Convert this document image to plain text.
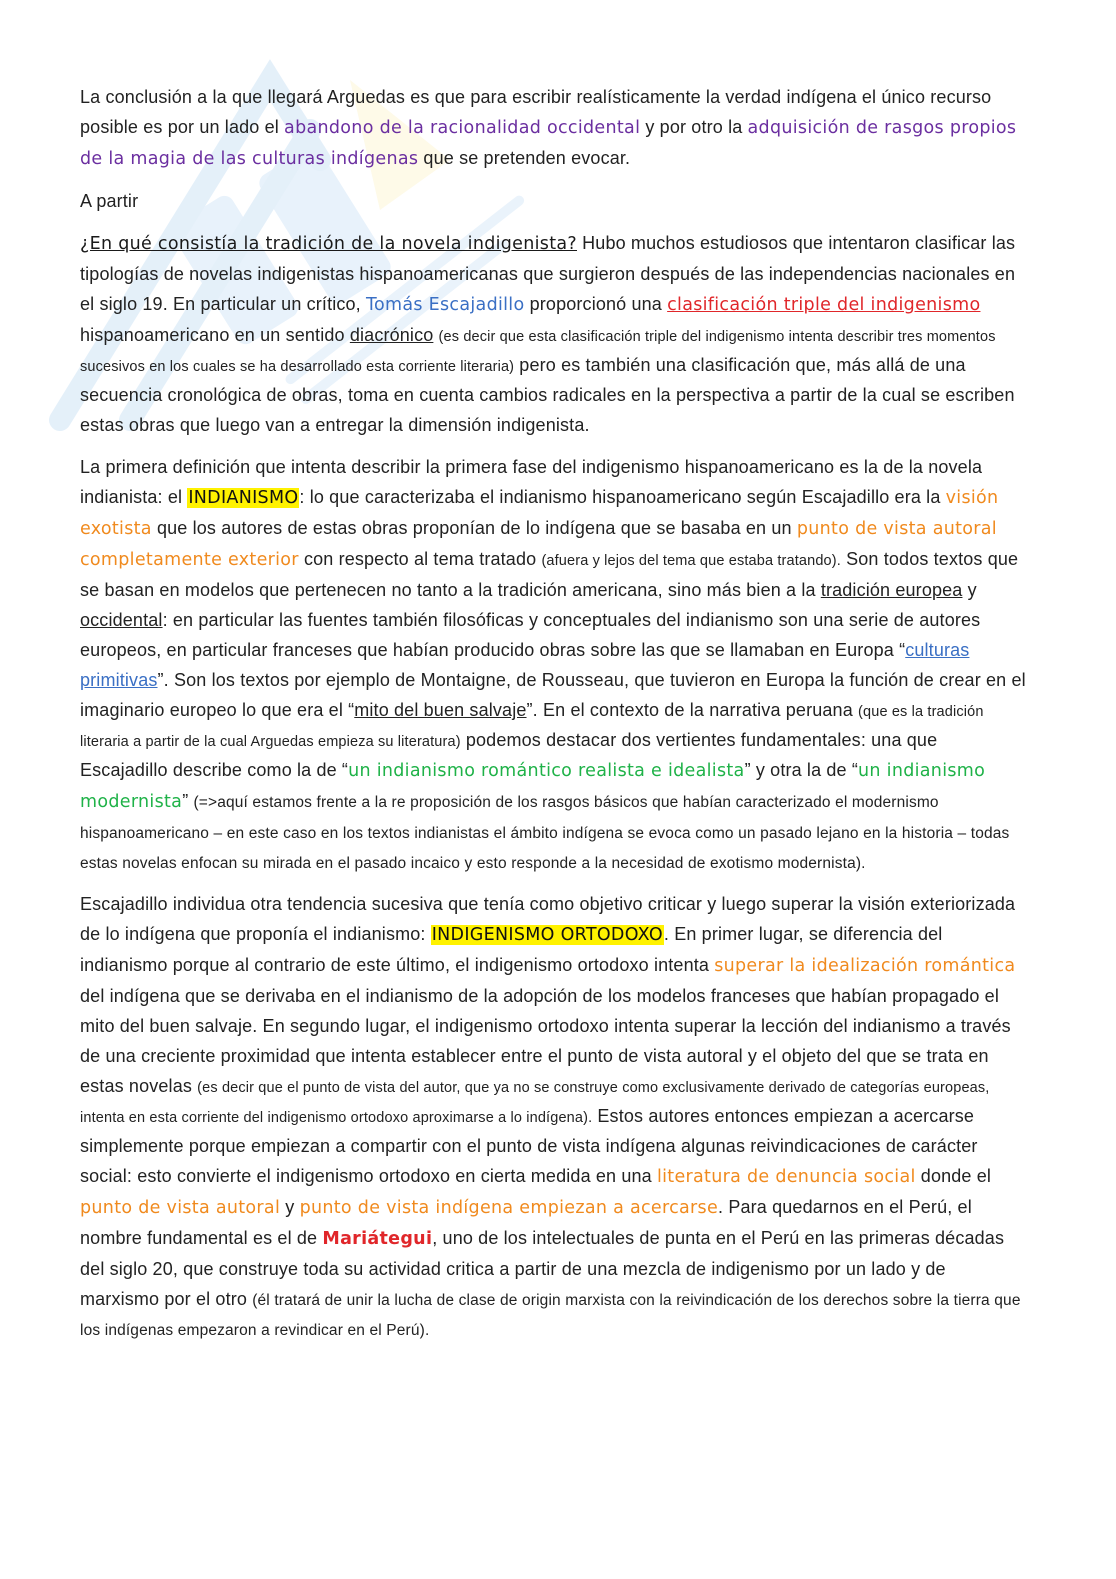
La conclusión a la que llegará Arguedas es que para escribir realísticamente la verdad indígena el único recurso posible es por un lado el abandono de la racionalidad occidental y por otro la adquisición de rasgos propios de la magia de las culturas indígenas que se pretenden evocar.

A partir

¿En qué consistía la tradición de la novela indigenista? Hubo muchos estudiosos que intentaron clasificar las tipologías de novelas indigenistas hispanoamericanas que surgieron después de las independencias nacionales en el siglo 19. En particular un crítico, Tomás Escajadillo proporcionó una clasificación triple del indigenismo hispanoamericano en un sentido diacrónico (es decir que esta clasificación triple del indigenismo intenta describir tres momentos sucesivos en los cuales se ha desarrollado esta corriente literaria) pero es también una clasificación que, más allá de una secuencia cronológica de obras, toma en cuenta cambios radicales en la perspectiva a partir de la cual se escriben estas obras que luego van a entregar la dimensión indigenista.

La primera definición que intenta describir la primera fase del indigenismo hispanoamericano es la de la novela indianista: el INDIANISMO: lo que caracterizaba el indianismo hispanoamericano según Escajadillo era la visión exotista que los autores de estas obras proponían de lo indígena que se basaba en un punto de vista autoral completamente exterior con respecto al tema tratado (afuera y lejos del tema que estaba tratando). Son todos textos que se basan en modelos que pertenecen no tanto a la tradición americana, sino más bien a la tradición europea y occidental: en particular las fuentes también filosóficas y conceptuales del indianismo son una serie de autores europeos, en particular franceses que habían producido obras sobre las que se llamaban en Europa “culturas primitivas”. Son los textos por ejemplo de Montaigne, de Rousseau, que tuvieron en Europa la función de crear en el imaginario europeo lo que era el “mito del buen salvaje”. En el contexto de la narrativa peruana (que es la tradición literaria a partir de la cual Arguedas empieza su literatura) podemos destacar dos vertientes fundamentales: una que Escajadillo describe como la de “un indianismo romántico realista e idealista” y otra la de “un indianismo modernista” (=>aquí estamos frente a la re proposición de los rasgos básicos que habían caracterizado el modernismo hispanoamericano – en este caso en los textos indianistas el ámbito indígena se evoca como un pasado lejano en la historia – todas estas novelas enfocan su mirada en el pasado incaico y esto responde a la necesidad de exotismo modernista).

Escajadillo individua otra tendencia sucesiva que tenía como objetivo criticar y luego superar la visión exteriorizada de lo indígena que proponía el indianismo: INDIGENISMO ORTODOXO. En primer lugar, se diferencia del indianismo porque al contrario de este último, el indigenismo ortodoxo intenta superar la idealización romántica del indígena que se derivaba en el indianismo de la adopción de los modelos franceses que habían propagado el mito del buen salvaje. En segundo lugar, el indigenismo ortodoxo intenta superar la lección del indianismo a través de una creciente proximidad que intenta establecer entre el punto de vista autoral y el objeto del que se trata en estas novelas (es decir que el punto de vista del autor, que ya no se construye como exclusivamente derivado de categorías europeas, intenta en esta corriente del indigenismo ortodoxo aproximarse a lo indígena). Estos autores entonces empiezan a acercarse simplemente porque empiezan a compartir con el punto de vista indígena algunas reivindicaciones de carácter social: esto convierte el indigenismo ortodoxo en cierta medida en una literatura de denuncia social donde el punto de vista autoral y punto de vista indígena empiezan a acercarse. Para quedarnos en el Perú, el nombre fundamental es el de Mariátegui, uno de los intelectuales de punta en el Perú en las primeras décadas del siglo 20, que construye toda su actividad critica a partir de una mezcla de indigenismo por un lado y de marxismo por el otro (él tratará de unir la lucha de clase de origin marxista con la reivindicación de los derechos sobre la tierra que los indígenas empezaron a revindicar en el Perú).
